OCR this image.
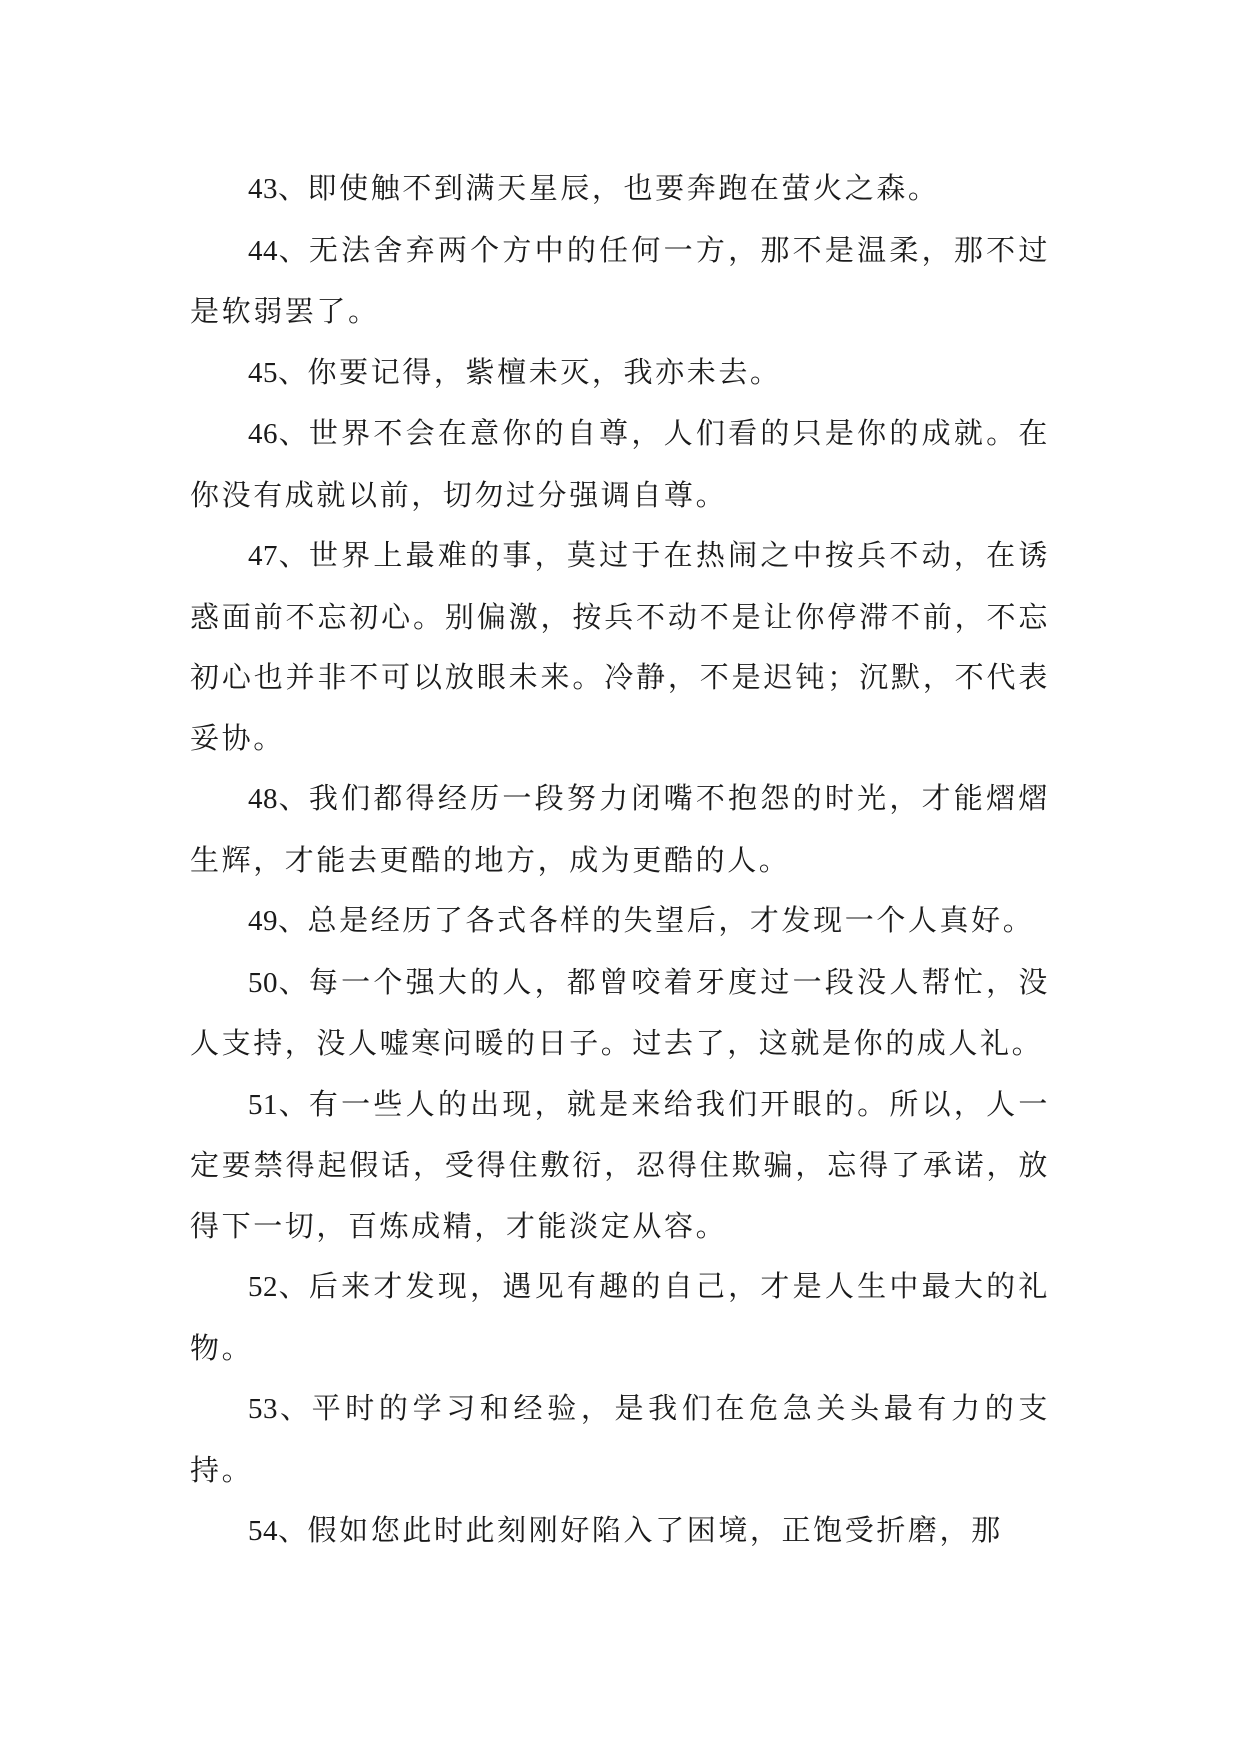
43、即使触不到满天星辰，也要奔跑在萤火之森。

44、无法舍弃两个方中的任何一方，那不是温柔，那不过是软弱罢了。

45、你要记得，紫檀未灭，我亦未去。

46、世界不会在意你的自尊，人们看的只是你的成就。在你没有成就以前，切勿过分强调自尊。

47、世界上最难的事，莫过于在热闹之中按兵不动，在诱惑面前不忘初心。别偏激，按兵不动不是让你停滞不前，不忘初心也并非不可以放眼未来。冷静，不是迟钝；沉默，不代表妥协。

48、我们都得经历一段努力闭嘴不抱怨的时光，才能熠熠生辉，才能去更酷的地方，成为更酷的人。

49、总是经历了各式各样的失望后，才发现一个人真好。

50、每一个强大的人，都曾咬着牙度过一段没人帮忙，没人支持，没人嘘寒问暖的日子。过去了，这就是你的成人礼。

51、有一些人的出现，就是来给我们开眼的。所以，人一定要禁得起假话，受得住敷衍，忍得住欺骗，忘得了承诺，放得下一切，百炼成精，才能淡定从容。

52、后来才发现，遇见有趣的自己，才是人生中最大的礼物。

53、平时的学习和经验，是我们在危急关头最有力的支持。

54、假如您此时此刻刚好陷入了困境，正饱受折磨，那
